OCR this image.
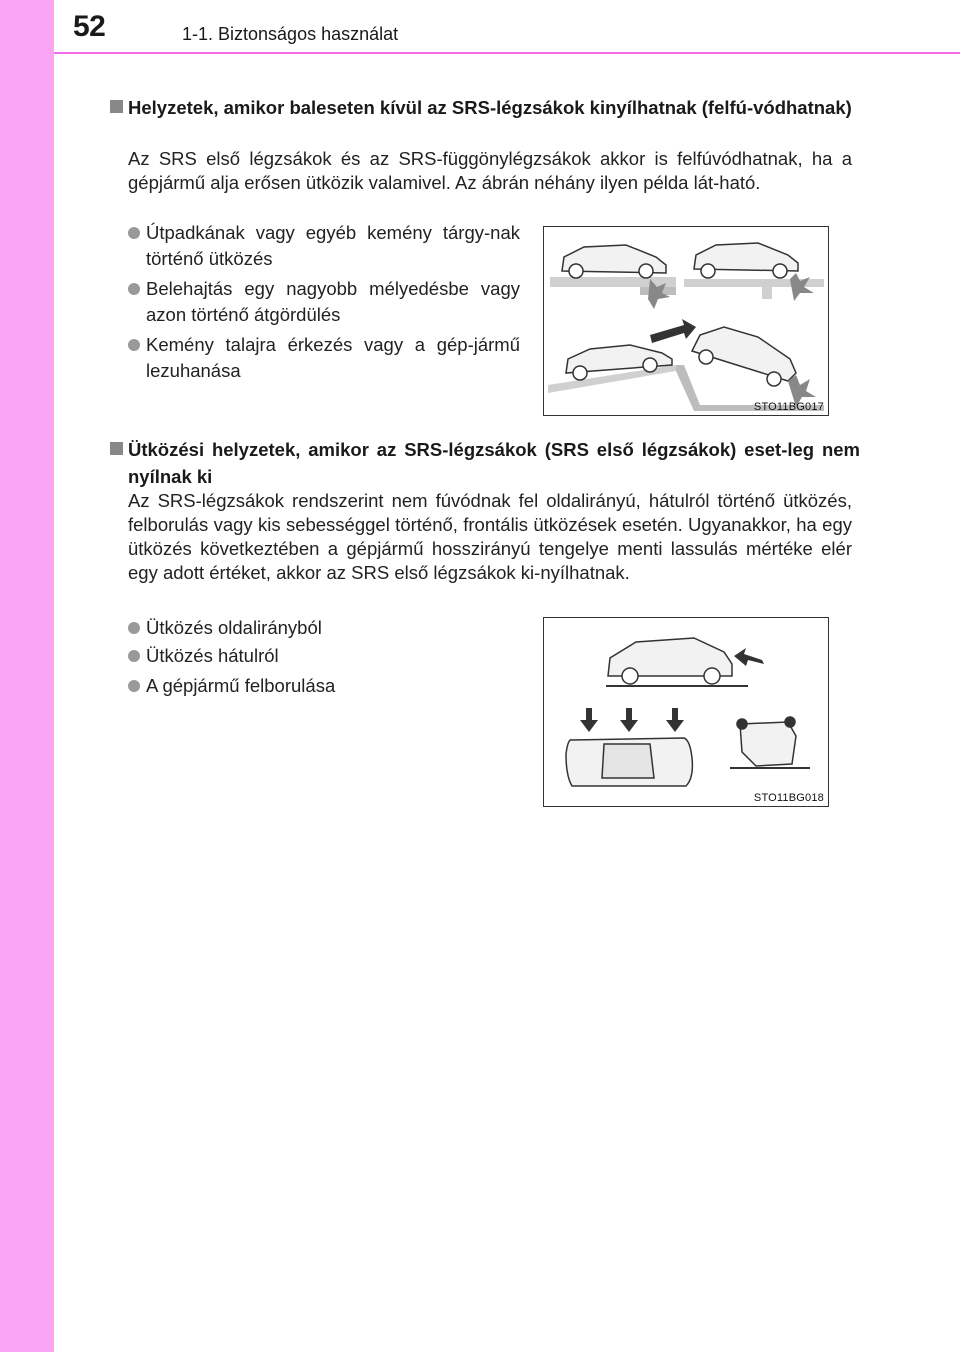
52	1-1. Biztonságos használat
Helyzetek, amikor baleseten kívül az SRS-légzsákok kinyílhatnak (felfú-vódhatnak)
Az SRS első légzsákok és az SRS-függönylégzsákok akkor is felfúvódhatnak, ha a gépjármű alja erősen ütközik valamivel. Az ábrán néhány ilyen példa lát-ható.
Útpadkának vagy egyéb kemény tárgy-nak történő ütközés
Belehajtás egy nagyobb mélyedésbe vagy azon történő átgördülés
Kemény talajra érkezés vagy a gép-jármű lezuhanása
STO11BG017
Ütközési helyzetek, amikor az SRS-légzsákok (SRS első légzsákok) eset-leg nem nyílnak ki
Az SRS-légzsákok rendszerint nem fúvódnak fel oldalirányú, hátulról történő ütközés, felborulás vagy kis sebességgel történő, frontális ütközések esetén. Ugyanakkor, ha egy ütközés következtében a gépjármű hosszirányú tengelye menti lassulás mértéke elér egy adott értéket, akkor az SRS első légzsákok ki-nyílhatnak.
Ütközés oldalirányból
Ütközés hátulról
A gépjármű felborulása
STO11BG018
